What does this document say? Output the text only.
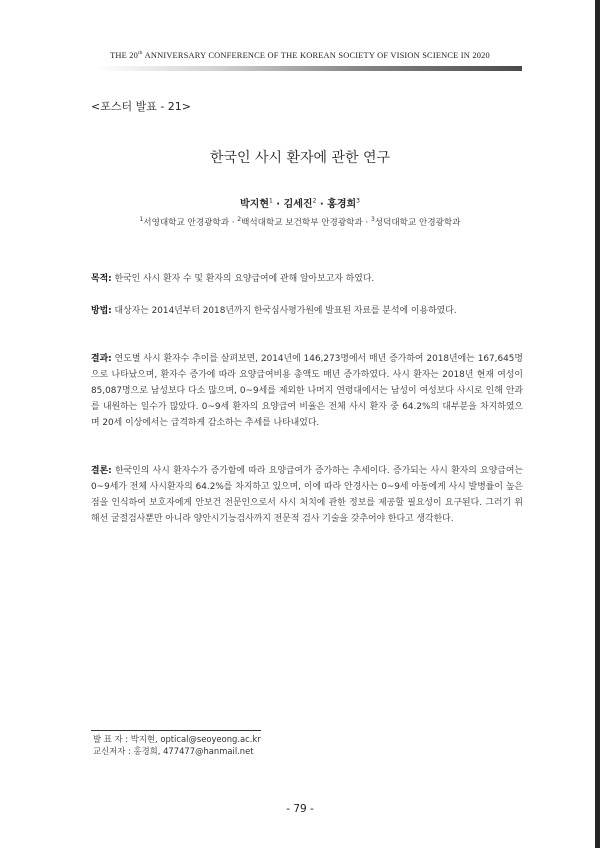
THE 20th ANNIVERSARY CONFERENCE OF THE KOREAN SOCIETY OF VISION SCIENCE IN 2020
<포스터 발표 - 21>
한국인 사시 환자에 관한 연구
박지현$^1$ · 김세진$^2$ · 홍경희$^3$
$^1$서영대학교 안경광학과 · $^2$백석대학교 보건학부 안경광학과 · $^3$성덕대학교 안경광학과
목적: 한국인 사시 환자 수 및 환자의 요양급여에 관해 알아보고자 하였다.
방법: 대상자는 2014년부터 2018년까지 한국심사평가원에 발표된 자료를 분석에 이용하였다.
결과: 연도별 사시 환자수 추이를 살펴보면, 2014년에 146,273명에서 매년 증가하여 2018년에는 167,645명으로 나타났으며, 환자수 증가에 따라 요양급여비용 총액도 매년 증가하였다. 사시 환자는 2018년 현재 여성이 85,087명으로 남성보다 다소 많으며, 0~9세를 제외한 나머지 연령대에서는 남성이 여성보다 사시로 인해 안과를 내원하는 일수가 많았다. 0~9세 환자의 요양급여 비율은 전체 사시 환자 중 64.2%의 대부분을 차지하였으며 20세 이상에서는 급격하게 감소하는 추세를 나타내었다.
결론: 한국인의 사시 환자수가 증가함에 따라 요양급여가 증가하는 추세이다. 증가되는 사시 환자의 요양급여는 0~9세가 전체 사시환자의 64.2%를 차지하고 있으며, 이에 따라 안경사는 0~9세 아동에게 사시 발병률이 높은 점을 인식하여 보호자에게 안보건 전문인으로서 사시 처치에 관한 정보를 제공할 필요성이 요구된다. 그러기 위해선 굴절검사뿐만 아니라 양안시기능검사까지 전문적 검사 기술을 갖추어야 한다고 생각한다.
발 표 자 : 박지현, optical@seoyeong.ac.kr
교신저자 : 홍경희, 477477@hanmail.net
- 79 -
